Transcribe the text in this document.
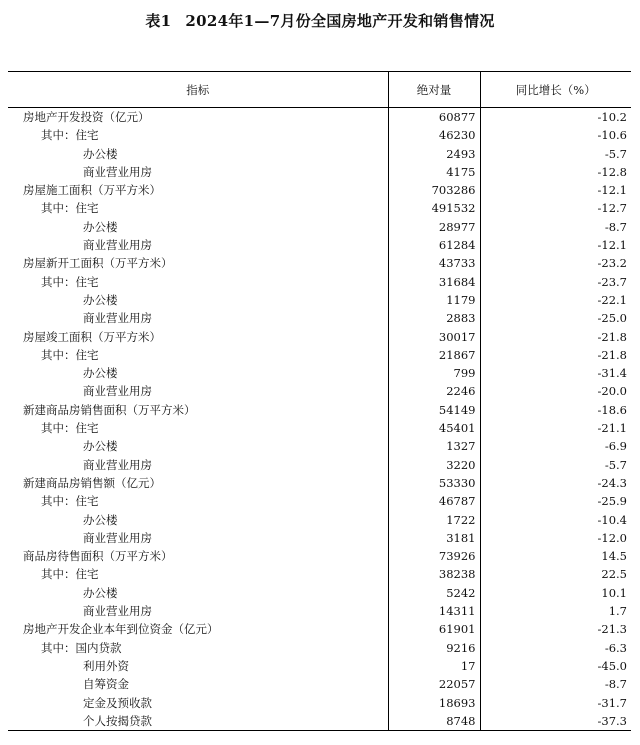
表1 2024年1—7月份全国房地产开发和销售情况
指标	绝对量	同比增长（%）
房地产开发投资（亿元）	60877	-10.2
其中：住宅	46230	-10.6
办公楼	2493	-5.7
商业营业用房	4175	-12.8
房屋施工面积（万平方米）	703286	-12.1
其中：住宅	491532	-12.7
办公楼	28977	-8.7
商业营业用房	61284	-12.1
房屋新开工面积（万平方米）	43733	-23.2
其中：住宅	31684	-23.7
办公楼	1179	-22.1
商业营业用房	2883	-25.0
房屋竣工面积（万平方米）	30017	-21.8
其中：住宅	21867	-21.8
办公楼	799	-31.4
商业营业用房	2246	-20.0
新建商品房销售面积（万平方米）	54149	-18.6
其中：住宅	45401	-21.1
办公楼	1327	-6.9
商业营业用房	3220	-5.7
新建商品房销售额（亿元）	53330	-24.3
其中：住宅	46787	-25.9
办公楼	1722	-10.4
商业营业用房	3181	-12.0
商品房待售面积（万平方米）	73926	14.5
其中：住宅	38238	22.5
办公楼	5242	10.1
商业营业用房	14311	1.7
房地产开发企业本年到位资金（亿元）	61901	-21.3
其中：国内贷款	9216	-6.3
利用外资	17	-45.0
自筹资金	22057	-8.7
定金及预收款	18693	-31.7
个人按揭贷款	8748	-37.3
